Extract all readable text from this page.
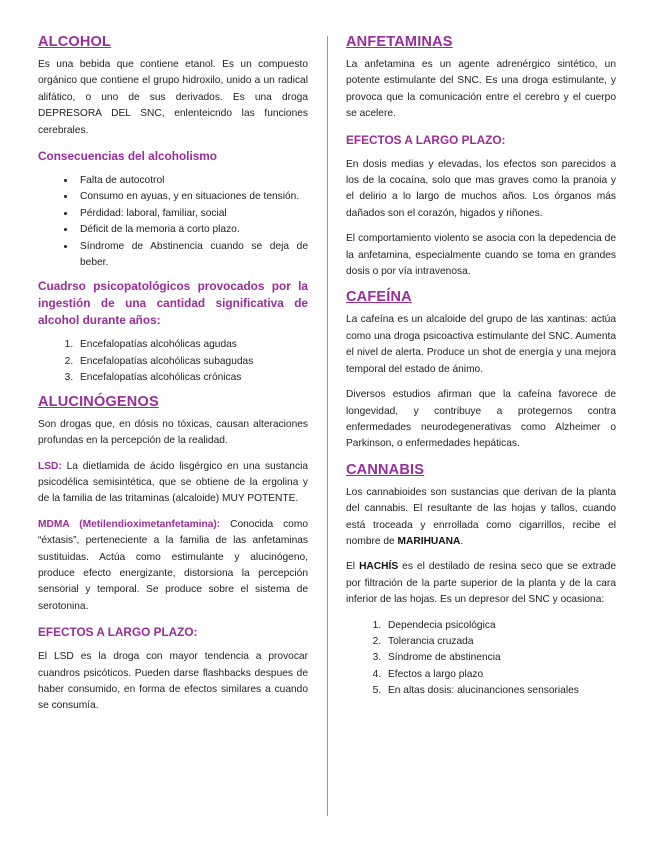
ALCOHOL

Es una bebida que contiene etanol. Es un compuesto orgánico que contiene el grupo hidroxilo, unido a un radical alifático, o uno de sus derivados. Es una droga DEPRESORA DEL SNC, enlenteicndo las funciones cerebrales.

Consecuencias del alcoholismo
• Falta de autocotrol
• Consumo en ayuas, y en situaciones de tensión.
• Pérdidad: laboral, familiar, social
• Déficit de la memoria a corto plazo.
• Síndrome de Abstinencia cuando se deja de beber.
Cuadrso psicopatológicos provocados por la ingestión de una cantidad significativa de alcohol durante años:
1. Encefalopatías alcohólicas agudas
2. Encefalopatías alcohólicas subagudas
3. Encefalopatías alcohólicas crónicas
ALUCINÓGENOS

Son drogas que, en dósis no tóxicas, causan alteraciones profundas en la percepción de la realidad.

LSD: La dietlamida de ácido lisgérgico en una sustancia psicodélica semisintética, que se obtiene de la ergolina y de la familia de las tritaminas (alcaloide) MUY POTENTE.

MDMA (Metilendioximetanfetamina): Conocida como “éxtasis”, perteneciente a la familia de las anfetaminas sustituidas. Actúa como estimulante y alucinógeno, produce efecto energizante, distorsiona la percepción sensorial y temporal. Se produce sobre el sistema de serotonina.

EFECTOS A LARGO PLAZO:

El LSD es la droga con mayor tendencia a provocar cuandros psicóticos. Pueden darse flashbacks despues de haber consumido, en forma de efectos similares a cuando se consumía.

ANFETAMINAS

La anfetamina es un agente adrenérgico sintético, un potente estimulante del SNC. Es una droga estimulante, y provoca que la comunicación entre el cerebro y el cuerpo se acelere.

EFECTOS A LARGO PLAZO:

En dosis medias y elevadas, los efectos son parecidos a los de la cocaína, solo que mas graves como la pranoia y el delirio a lo largo de muchos años. Los órganos más dañados son el corazón, higados y riñones.

El comportamiento violento se asocia con la depedencia de la anfetamina, especialmente cuando se toma en grandes dosis o por vía intravenosa.

CAFEÍNA

La cafeína es un alcaloide del grupo de las xantinas: actúa como una droga psicoactiva estimulante del SNC. Aumenta el nivel de alerta. Produce un shot de energía y una mejora temporal del estado de ánimo.

Diversos estudios afirman que la cafeína favorece de longevidad, y contribuye a protegernos contra enfermedades neurodegenerativas como Alzheimer o Parkinson, o enfermedades hepáticas.

CANNABIS

Los cannabioides son sustancias que derivan de la planta del cannabis. El resultante de las hojas y tallos, cuando está troceada y enrrollada como cigarrillos, recibe el nombre de MARIHUANA.

El HACHÍS es el destilado de resina seco que se extrade por filtración de la parte superior de la planta y de la cara inferior de las hojas. Es un depresor del SNC y ocasiona:

1. Dependecia psicológica
2. Tolerancia cruzada
3. Síndrome de abstinencia
4. Efectos a largo plazo
5. En altas dosis: alucinanciones sensoriales
